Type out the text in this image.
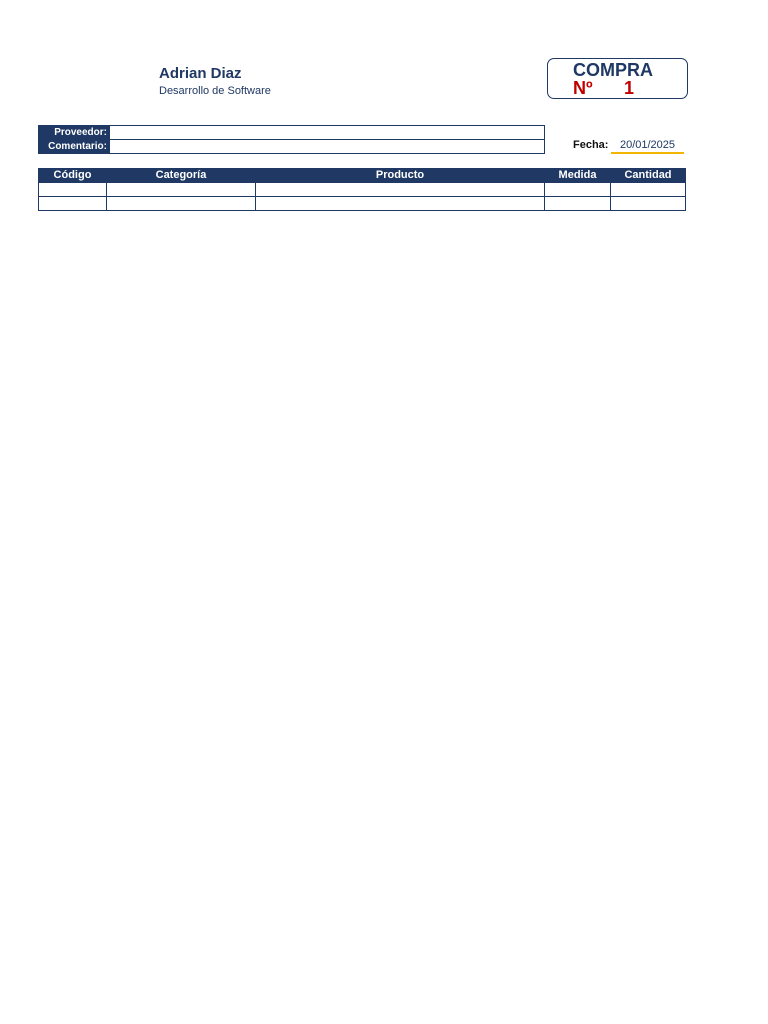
Adrian Diaz
Desarrollo de Software
COMPRA
Nº 1
Proveedor:	
Comentario:		Fecha:	20/01/2025
Código	Categoría	Producto	Medida	Cantidad
